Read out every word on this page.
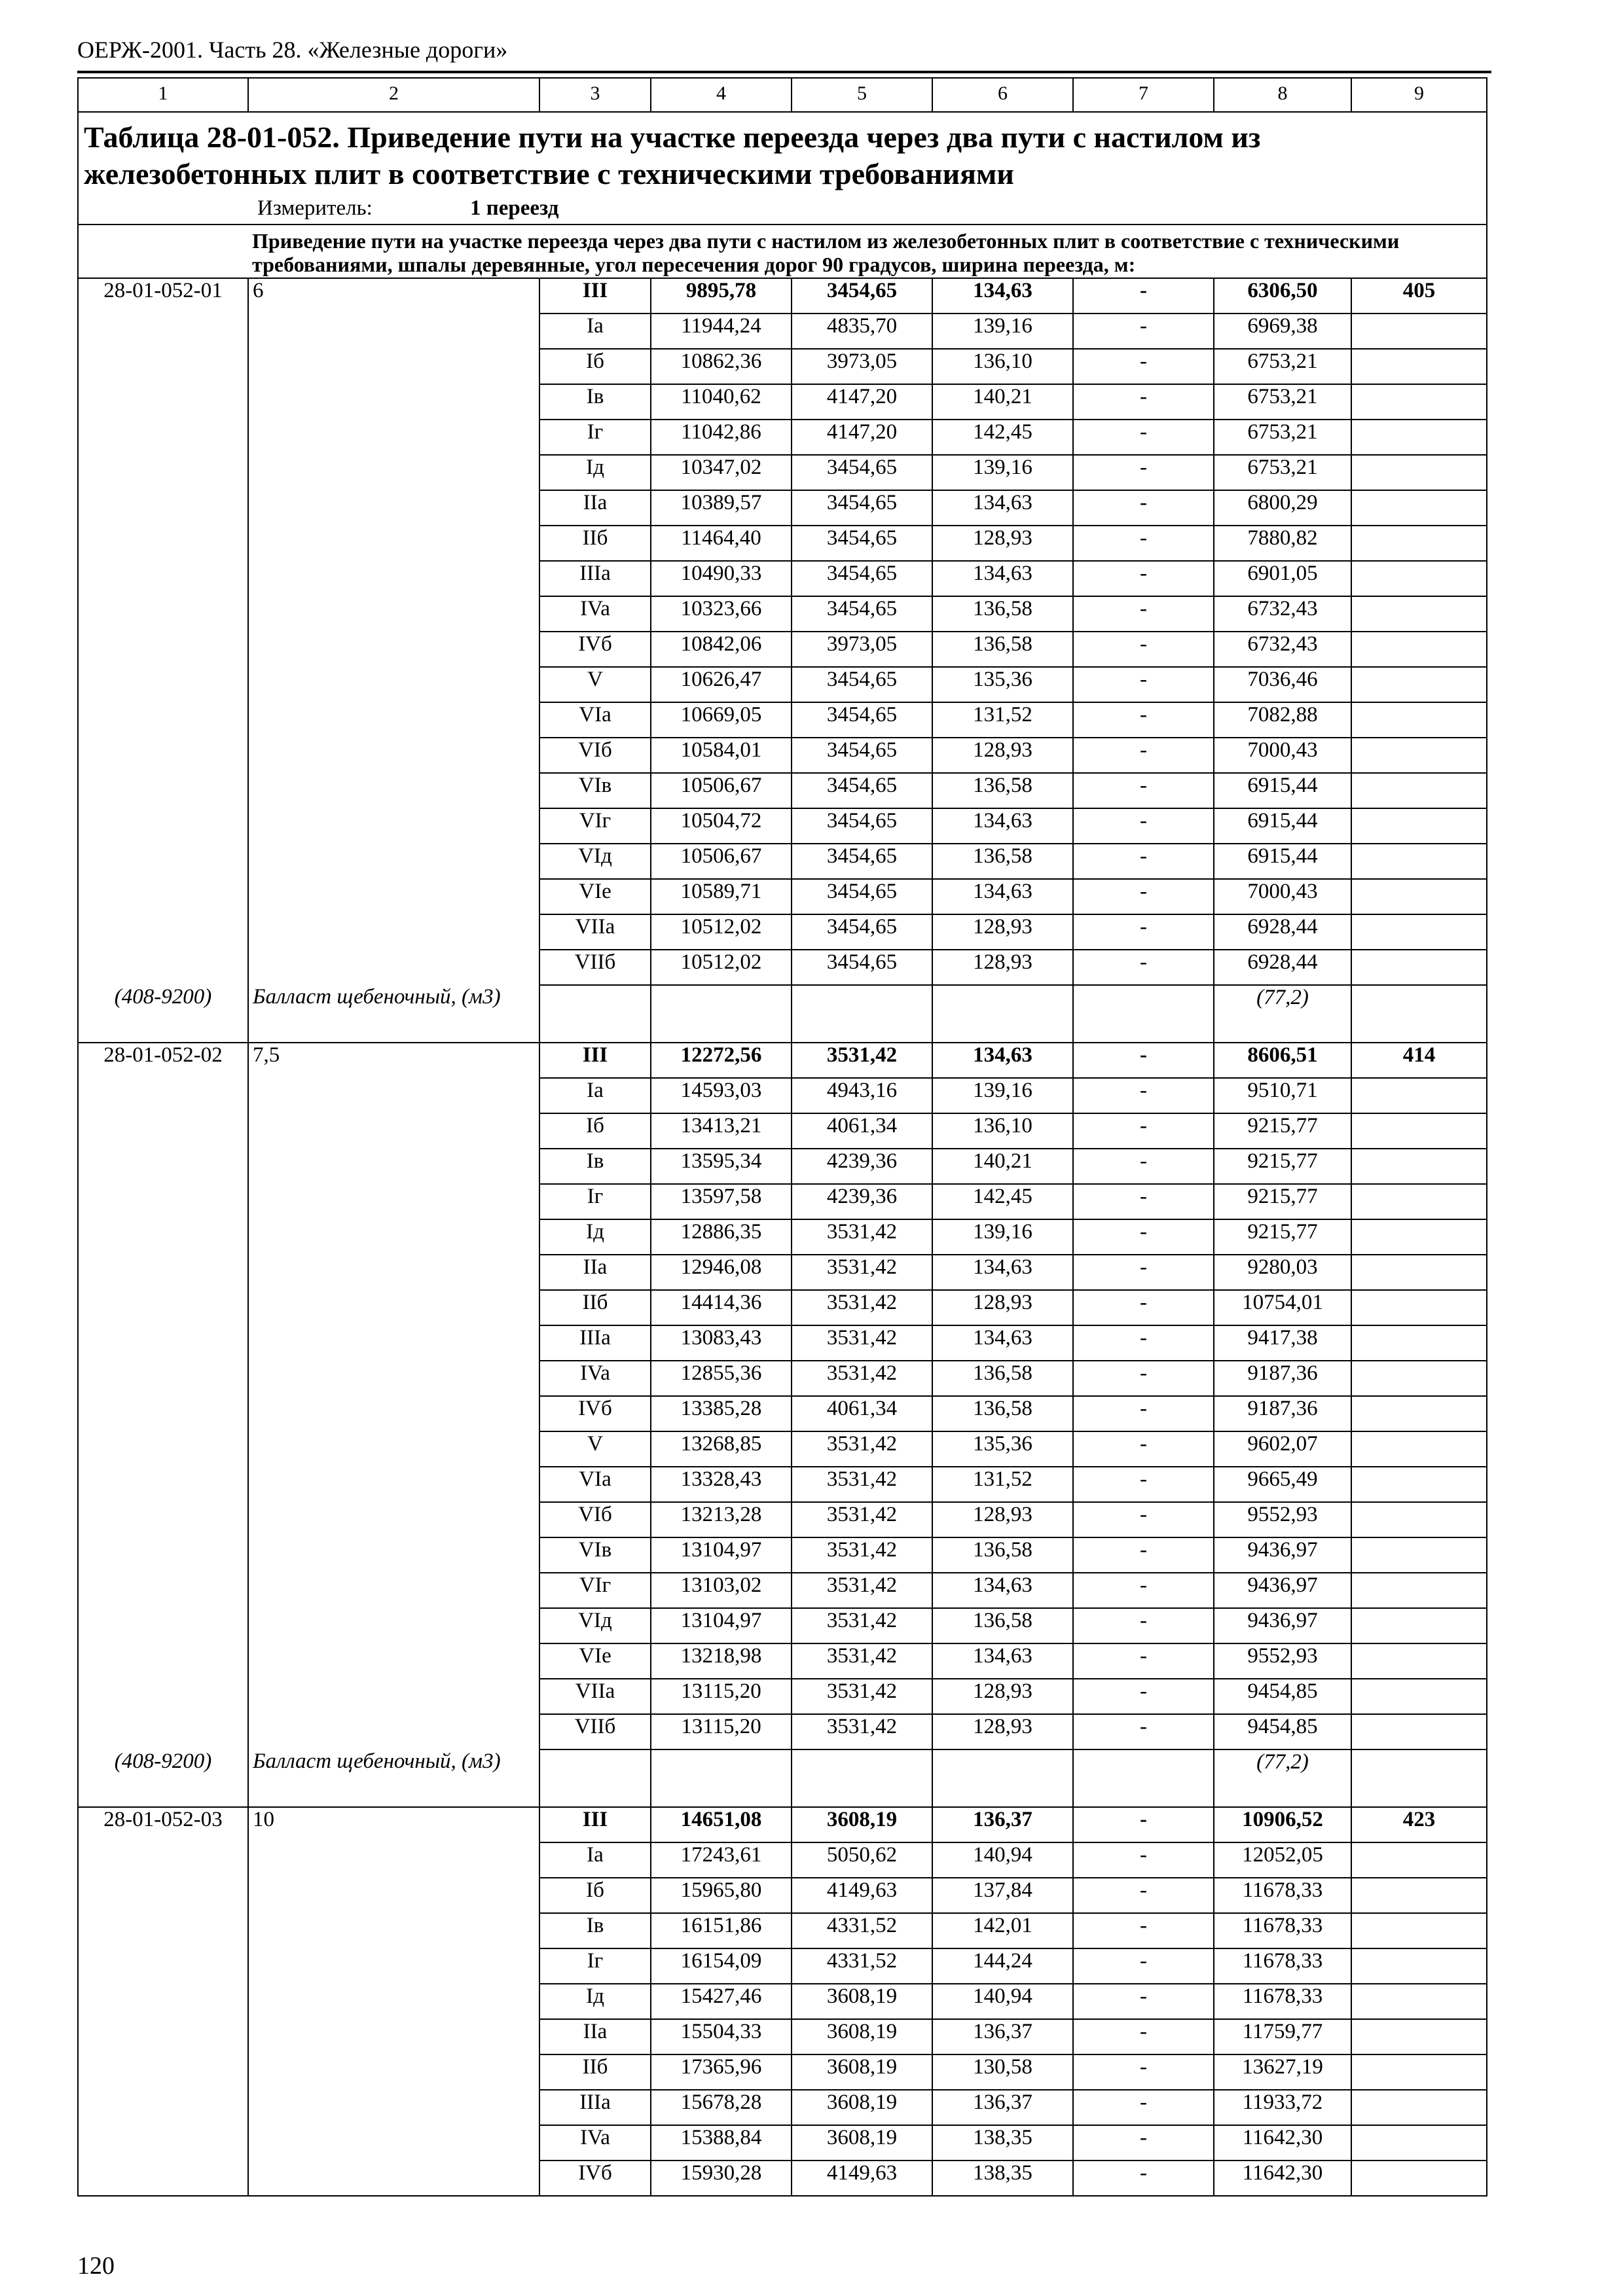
ОЕРЖ-2001. Часть 28. «Железные дороги»
1	2	3	4	5	6	7	8	9

Таблица 28-01-052. Приведение пути на участке переезда через два пути с настилом из железобетонных плит в соответствие с техническими требованиями
Измеритель: 1 переезд								

Приведение пути на участке переезда через два пути с настилом из железобетонных плит в соответствие с техническими требованиями, шпалы деревянные, угол пересечения дорог 90 градусов, ширина переезда, м:								
28-01-052-01	6	III	9895,78	3454,65	134,63	-	6306,50	405
		Ia	11944,24	4835,70	139,16	-	6969,38	
		Iб	10862,36	3973,05	136,10	-	6753,21	
		Iв	11040,62	4147,20	140,21	-	6753,21	
		Iг	11042,86	4147,20	142,45	-	6753,21	
		Iд	10347,02	3454,65	139,16	-	6753,21	
		IIa	10389,57	3454,65	134,63	-	6800,29	
		IIб	11464,40	3454,65	128,93	-	7880,82	
		IIIa	10490,33	3454,65	134,63	-	6901,05	
		IVa	10323,66	3454,65	136,58	-	6732,43	
		IVб	10842,06	3973,05	136,58	-	6732,43	
		V	10626,47	3454,65	135,36	-	7036,46	
		VIa	10669,05	3454,65	131,52	-	7082,88	
		VIб	10584,01	3454,65	128,93	-	7000,43	
		VIв	10506,67	3454,65	136,58	-	6915,44	
		VIг	10504,72	3454,65	134,63	-	6915,44	
		VIд	10506,67	3454,65	136,58	-	6915,44	
		VIe	10589,71	3454,65	134,63	-	7000,43	
		VIIa	10512,02	3454,65	128,93	-	6928,44	
		VIIб	10512,02	3454,65	128,93	-	6928,44	
(408-9200)	Балласт щебеночный, (м3)						(77,2)	
28-01-052-02	7,5	III	12272,56	3531,42	134,63	-	8606,51	414
		Ia	14593,03	4943,16	139,16	-	9510,71	
		Iб	13413,21	4061,34	136,10	-	9215,77	
		Iв	13595,34	4239,36	140,21	-	9215,77	
		Iг	13597,58	4239,36	142,45	-	9215,77	
		Iд	12886,35	3531,42	139,16	-	9215,77	
		IIa	12946,08	3531,42	134,63	-	9280,03	
		IIб	14414,36	3531,42	128,93	-	10754,01	
		IIIa	13083,43	3531,42	134,63	-	9417,38	
		IVa	12855,36	3531,42	136,58	-	9187,36	
		IVб	13385,28	4061,34	136,58	-	9187,36	
		V	13268,85	3531,42	135,36	-	9602,07	
		VIa	13328,43	3531,42	131,52	-	9665,49	
		VIб	13213,28	3531,42	128,93	-	9552,93	
		VIв	13104,97	3531,42	136,58	-	9436,97	
		VIг	13103,02	3531,42	134,63	-	9436,97	
		VIд	13104,97	3531,42	136,58	-	9436,97	
		VIe	13218,98	3531,42	134,63	-	9552,93	
		VIIa	13115,20	3531,42	128,93	-	9454,85	
		VIIб	13115,20	3531,42	128,93	-	9454,85	
(408-9200)	Балласт щебеночный, (м3)						(77,2)	
28-01-052-03	10	III	14651,08	3608,19	136,37	-	10906,52	423
		Ia	17243,61	5050,62	140,94	-	12052,05	
		Iб	15965,80	4149,63	137,84	-	11678,33	
		Iв	16151,86	4331,52	142,01	-	11678,33	
		Iг	16154,09	4331,52	144,24	-	11678,33	
		Iд	15427,46	3608,19	140,94	-	11678,33	
		IIa	15504,33	3608,19	136,37	-	11759,77	
		IIб	17365,96	3608,19	130,58	-	13627,19	
		IIIa	15678,28	3608,19	136,37	-	11933,72	
		IVa	15388,84	3608,19	138,35	-	11642,30	
		IVб	15930,28	4149,63	138,35	-	11642,30	
120
